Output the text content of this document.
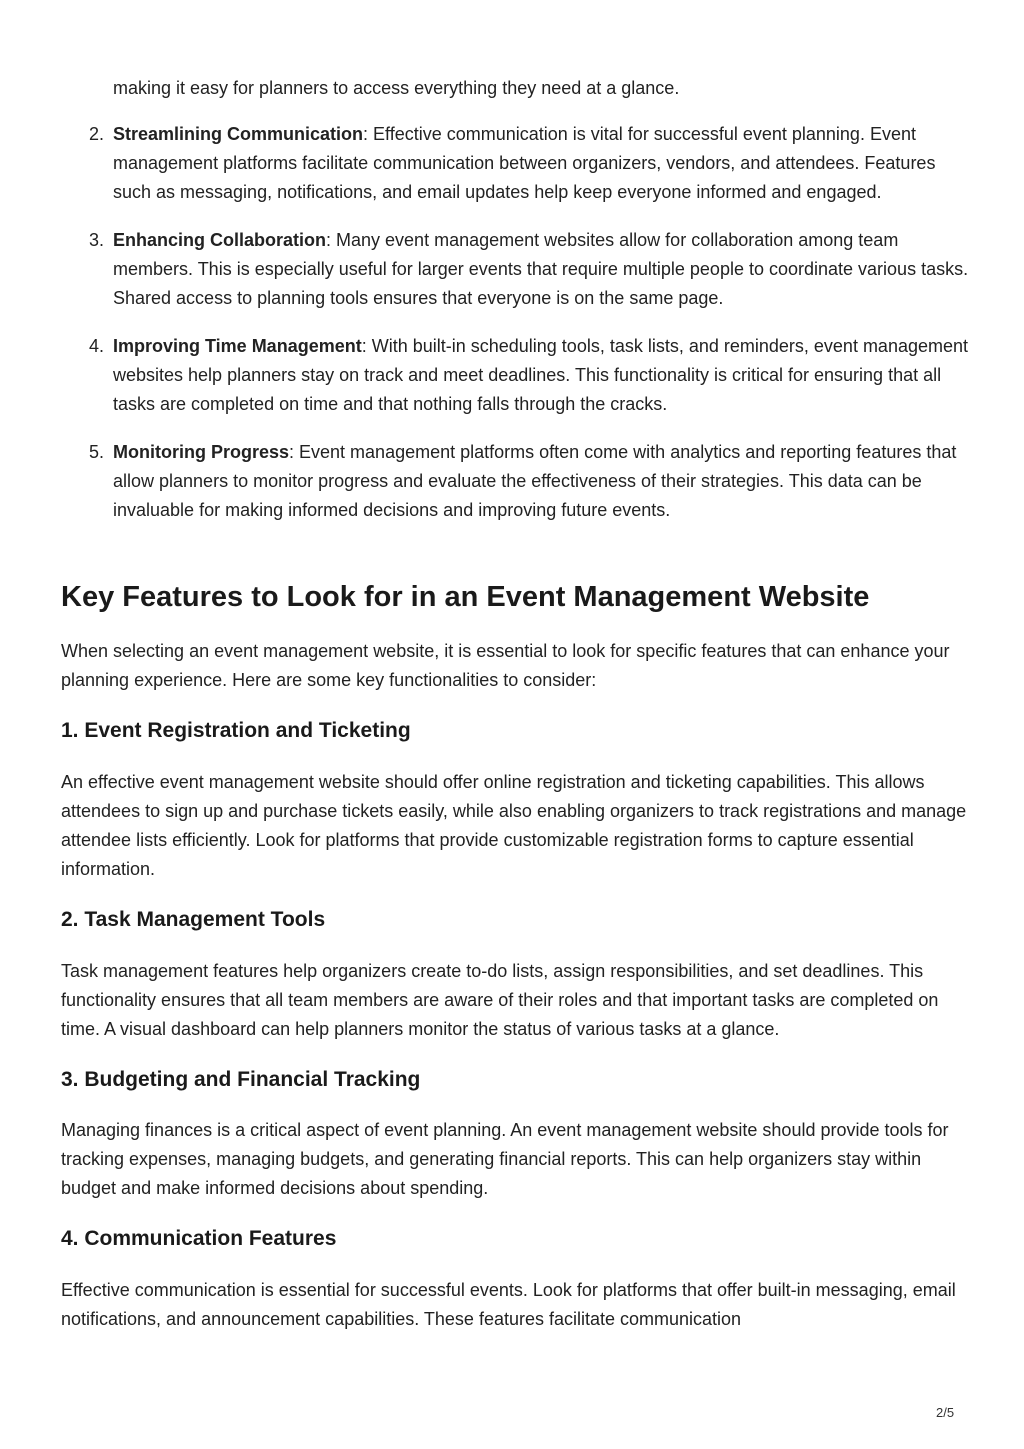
making it easy for planners to access everything they need at a glance.

2. Streamlining Communication: Effective communication is vital for successful event planning. Event management platforms facilitate communication between organizers, vendors, and attendees. Features such as messaging, notifications, and email updates help keep everyone informed and engaged.
3. Enhancing Collaboration: Many event management websites allow for collaboration among team members. This is especially useful for larger events that require multiple people to coordinate various tasks. Shared access to planning tools ensures that everyone is on the same page.
4. Improving Time Management: With built-in scheduling tools, task lists, and reminders, event management websites help planners stay on track and meet deadlines. This functionality is critical for ensuring that all tasks are completed on time and that nothing falls through the cracks.
5. Monitoring Progress: Event management platforms often come with analytics and reporting features that allow planners to monitor progress and evaluate the effectiveness of their strategies. This data can be invaluable for making informed decisions and improving future events.
Key Features to Look for in an Event Management Website

When selecting an event management website, it is essential to look for specific features that can enhance your planning experience. Here are some key functionalities to consider:

1. Event Registration and Ticketing

An effective event management website should offer online registration and ticketing capabilities. This allows attendees to sign up and purchase tickets easily, while also enabling organizers to track registrations and manage attendee lists efficiently. Look for platforms that provide customizable registration forms to capture essential information.

2. Task Management Tools

Task management features help organizers create to-do lists, assign responsibilities, and set deadlines. This functionality ensures that all team members are aware of their roles and that important tasks are completed on time. A visual dashboard can help planners monitor the status of various tasks at a glance.

3. Budgeting and Financial Tracking

Managing finances is a critical aspect of event planning. An event management website should provide tools for tracking expenses, managing budgets, and generating financial reports. This can help organizers stay within budget and make informed decisions about spending.

4. Communication Features

Effective communication is essential for successful events. Look for platforms that offer built-in messaging, email notifications, and announcement capabilities. These features facilitate communication

2/5
